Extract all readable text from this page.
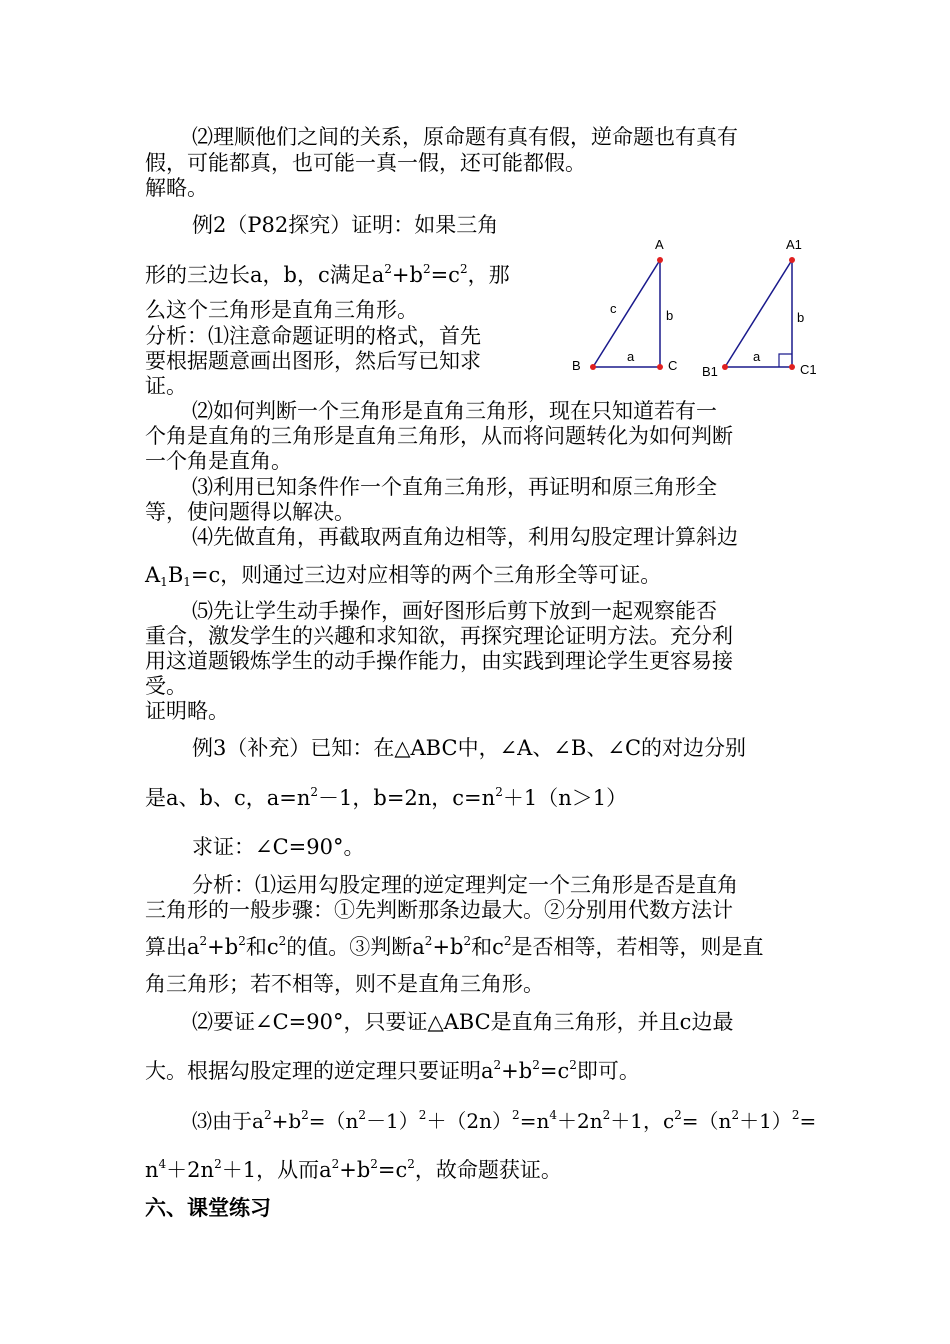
⑵理顺他们之间的关系，原命题有真有假，逆命题也有真有
假，可能都真，也可能一真一假，还可能都假。
解略。
例2（P82探究）证明：如果三角
形的三边长a，b，c满足$a^2+b^2=c^2$，那
么这个三角形是直角三角形。
分析：⑴注意命题证明的格式，首先
要根据题意画出图形，然后写已知求
证。
A
B	C
a
b
c
A1
B1	C1
a
b
⑵如何判断一个三角形是直角三角形，现在只知道若有一
个角是直角的三角形是直角三角形，从而将问题转化为如何判断
一个角是直角。
⑶利用已知条件作一个直角三角形，再证明和原三角形全
等，使问题得以解决。
⑷先做直角，再截取两直角边相等，利用勾股定理计算斜边
$A_1B_1=c$，则通过三边对应相等的两个三角形全等可证。
⑸先让学生动手操作，画好图形后剪下放到一起观察能否
重合，激发学生的兴趣和求知欲，再探究理论证明方法。充分利
用这道题锻炼学生的动手操作能力，由实践到理论学生更容易接
受。
证明略。
例3（补充）已知：在△ABC中，∠A、∠B、∠C的对边分别
是a、b、c，$a=n^2-1$，b=2n，$c=n^2+1(n>1)$
求证：∠C=90°。
分析：⑴运用勾股定理的逆定理判定一个三角形是否是直角
三角形的一般步骤：①先判断那条边最大。②分别用代数方法计
算出$a^2+b^2$和$c^2$的值。③判断$a^2+b^2$和$c^2$是否相等，若相等，则是直
角三角形；若不相等，则不是直角三角形。
⑵要证∠C=90°，只要证△ABC是直角三角形，并且c边最
大。根据勾股定理的逆定理只要证明$a^2+b^2=c^2$即可。
⑶由于$a^2+b^2=(n^2-1)^2+(2n)^2=n^4+2n^2+1$，$c^2=(n^2+1)^2=$
$n^4+2n^2+1$，从而$a^2+b^2=c^2$，故命题获证。
六、课堂练习
